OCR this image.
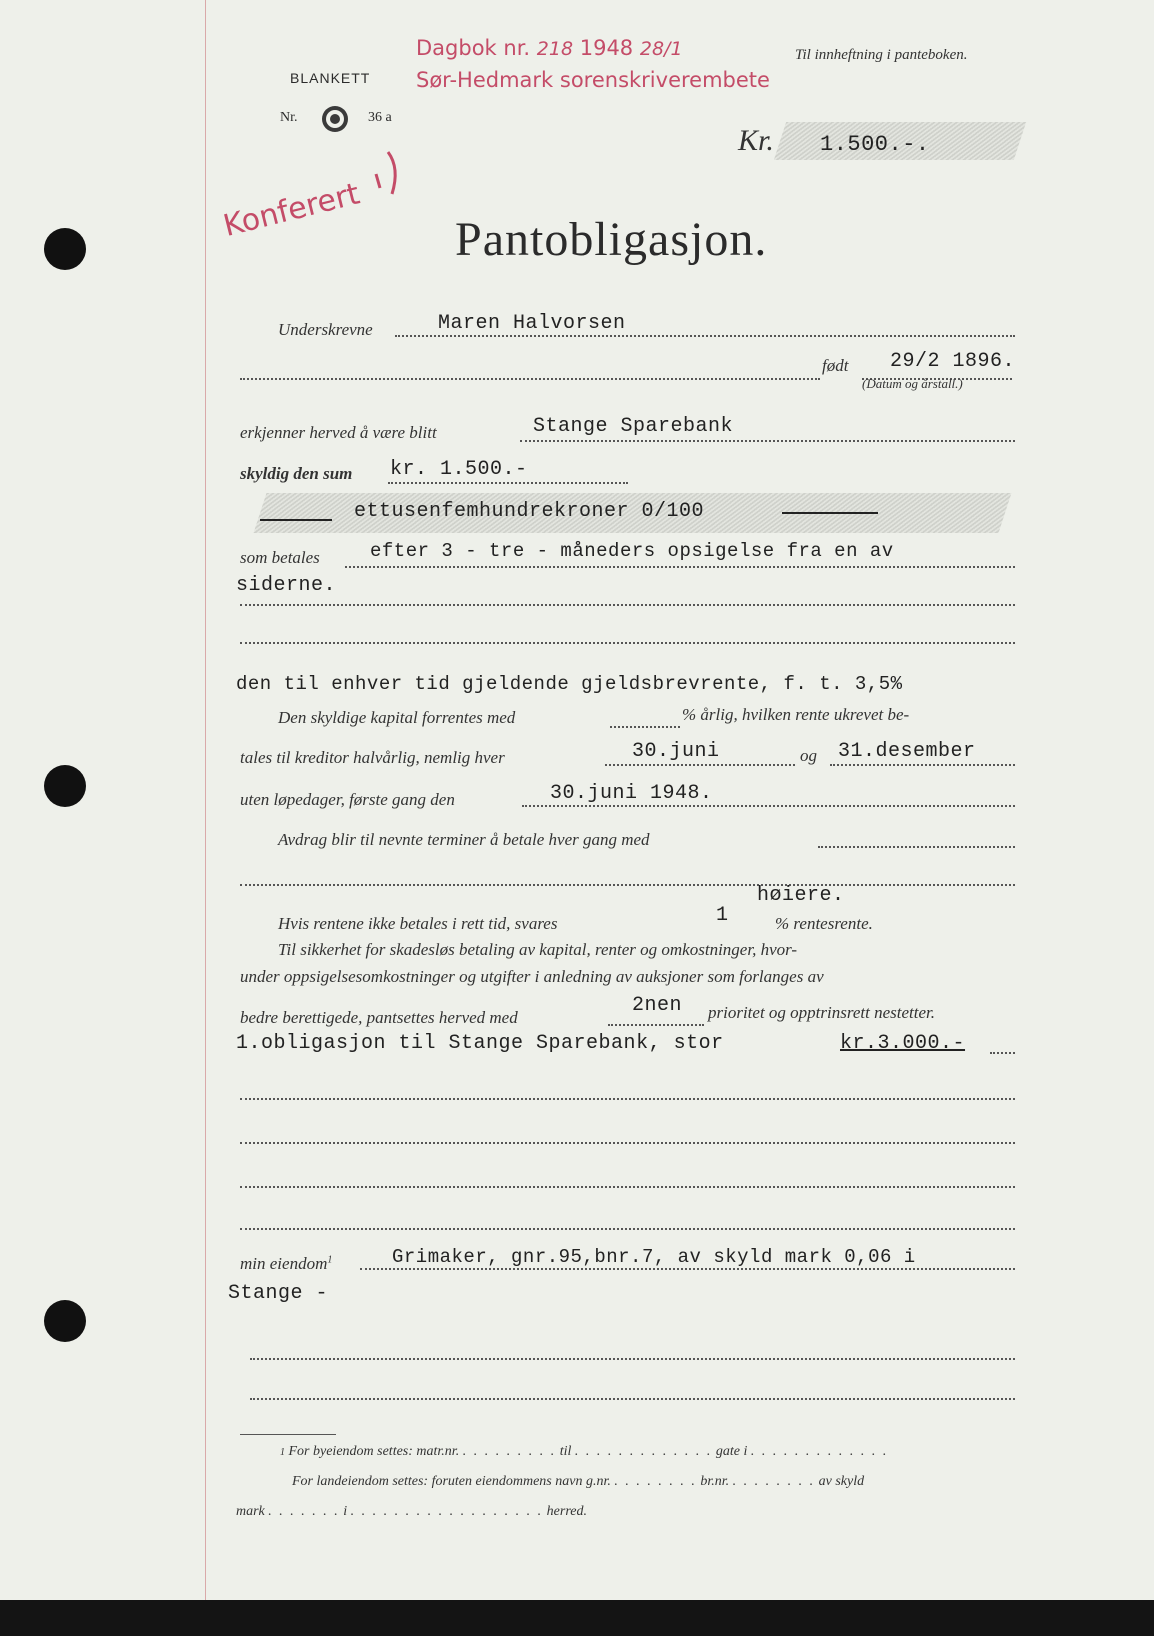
Dagbok nr. 218 1948 28/1
Sør-Hedmark sorenskriverembete
Til innheftning i panteboken.
BLANKETT
Nr.	36 a
Kr. 1.500.-.
Konferert Pantobligasjon.
Underskrevne	Maren Halvorsen
født 29/2 1896.
(Datum og årstall.)
erkjenner herved å være blitt	Stange Sparebank
skyldig den sum kr. 1.500.-
ettusenfemhundrekroner 0/100
som betales	efter 3 - tre - måneders opsigelse fra en av
siderne.
den til enhver tid gjeldende gjeldsbrevrente, f. t. 3,5%
Den skyldige kapital forrentes med	% årlig, hvilken rente ukrevet be-
tales til kreditor halvårlig, nemlig hver	30.juni	og 31.desember
uten løpedager, første gang den	30.juni 1948.
Avdrag blir til nevnte terminer å betale hver gang med
høiere.
Hvis rentene ikke betales i rett tid, svares	1	% rentesrente.
Til sikkerhet for skadesløs betaling av kapital, renter og omkostninger, hvor-
under oppsigelsesomkostninger og utgifter i anledning av auksjoner som forlanges av
bedre berettigede, pantsettes herved med
2nen prioritet og opptrinsrett nestetter.
1.obligasjon til Stange Sparebank, stor	kr.3.000.-
min eiendom$^1$	Grimaker, gnr.95,bnr.7, av skyld mark 0,06 i
Stange -
1 For byeiendom settes: matr.nr. . . . . . . . . . til . . . . . . . . . . . . . gate i . . . . . . . . . . . . .
For landeiendom settes: foruten eiendommens navn g.nr. . . . . . . . . br.nr. . . . . . . . . av skyld
mark . . . . . . . i . . . . . . . . . . . . . . . . . . herred.
